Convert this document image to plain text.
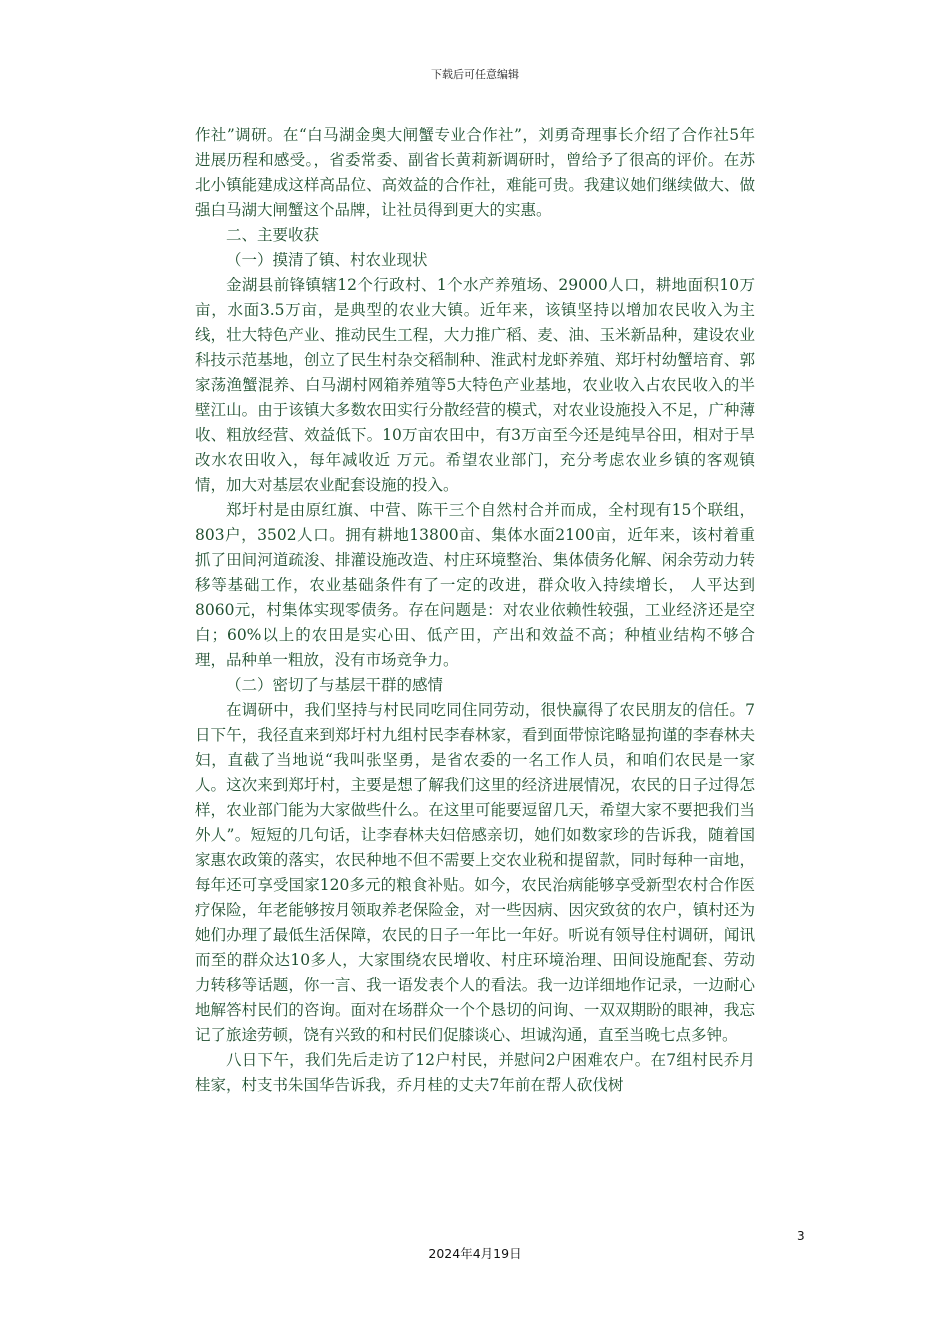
下载后可任意编辑

作社”调研。在“白马湖金奥大闸蟹专业合作社”，刘勇奇理事长介绍了合作社5年进展历程和感受。，省委常委、副省长黄莉新调研时，曾给予了很高的评价。在苏北小镇能建成这样高品位、高效益的合作社，难能可贵。我建议她们继续做大、做强白马湖大闸蟹这个品牌，让社员得到更大的实惠。

二、主要收获

（一）摸清了镇、村农业现状

金湖县前锋镇辖12个行政村、1个水产养殖场、29000人口，耕地面积10万亩，水面3.5万亩，是典型的农业大镇。近年来，该镇坚持以增加农民收入为主线，壮大特色产业、推动民生工程，大力推广稻、麦、油、玉米新品种，建设农业科技示范基地，创立了民生村杂交稻制种、淮武村龙虾养殖、郑圩村幼蟹培育、郭家荡渔蟹混养、白马湖村网箱养殖等5大特色产业基地，农业收入占农民收入的半壁江山。由于该镇大多数农田实行分散经营的模式，对农业设施投入不足，广种薄收、粗放经营、效益低下。10万亩农田中，有3万亩至今还是纯旱谷田，相对于旱改水农田收入，每年减收近 万元。希望农业部门，充分考虑农业乡镇的客观镇情，加大对基层农业配套设施的投入。

郑圩村是由原红旗、中营、陈干三个自然村合并而成，全村现有15个联组，803户，3502人口。拥有耕地13800亩、集体水面2100亩，近年来，该村着重抓了田间河道疏浚、排灌设施改造、村庄环境整治、集体债务化解、闲余劳动力转移等基础工作，农业基础条件有了一定的改进，群众收入持续增长， 人平达到8060元，村集体实现零债务。存在问题是：对农业依赖性较强，工业经济还是空白；60%以上的农田是实心田、低产田，产出和效益不高；种植业结构不够合理，品种单一粗放，没有市场竞争力。

（二）密切了与基层干群的感情

在调研中，我们坚持与村民同吃同住同劳动，很快赢得了农民朋友的信任。7日下午，我径直来到郑圩村九组村民李春林家，看到面带惊诧略显拘谨的李春林夫妇，直截了当地说“我叫张坚勇，是省农委的一名工作人员，和咱们农民是一家人。这次来到郑圩村，主要是想了解我们这里的经济进展情况，农民的日子过得怎样，农业部门能为大家做些什么。在这里可能要逗留几天，希望大家不要把我们当外人”。短短的几句话，让李春林夫妇倍感亲切，她们如数家珍的告诉我，随着国家惠农政策的落实，农民种地不但不需要上交农业税和提留款，同时每种一亩地，每年还可享受国家120多元的粮食补贴。如今，农民治病能够享受新型农村合作医疗保险，年老能够按月领取养老保险金，对一些因病、因灾致贫的农户，镇村还为她们办理了最低生活保障，农民的日子一年比一年好。听说有领导住村调研，闻讯而至的群众达10多人，大家围绕农民增收、村庄环境治理、田间设施配套、劳动力转移等话题，你一言、我一语发表个人的看法。我一边详细地作记录，一边耐心地解答村民们的咨询。面对在场群众一个个恳切的问询、一双双期盼的眼神，我忘记了旅途劳顿，饶有兴致的和村民们促膝谈心、坦诚沟通，直至当晚七点多钟。

八日下午，我们先后走访了12户村民，并慰问2户困难农户。在7组村民乔月桂家，村支书朱国华告诉我，乔月桂的丈夫7年前在帮人砍伐树

3
2024年4月19日
